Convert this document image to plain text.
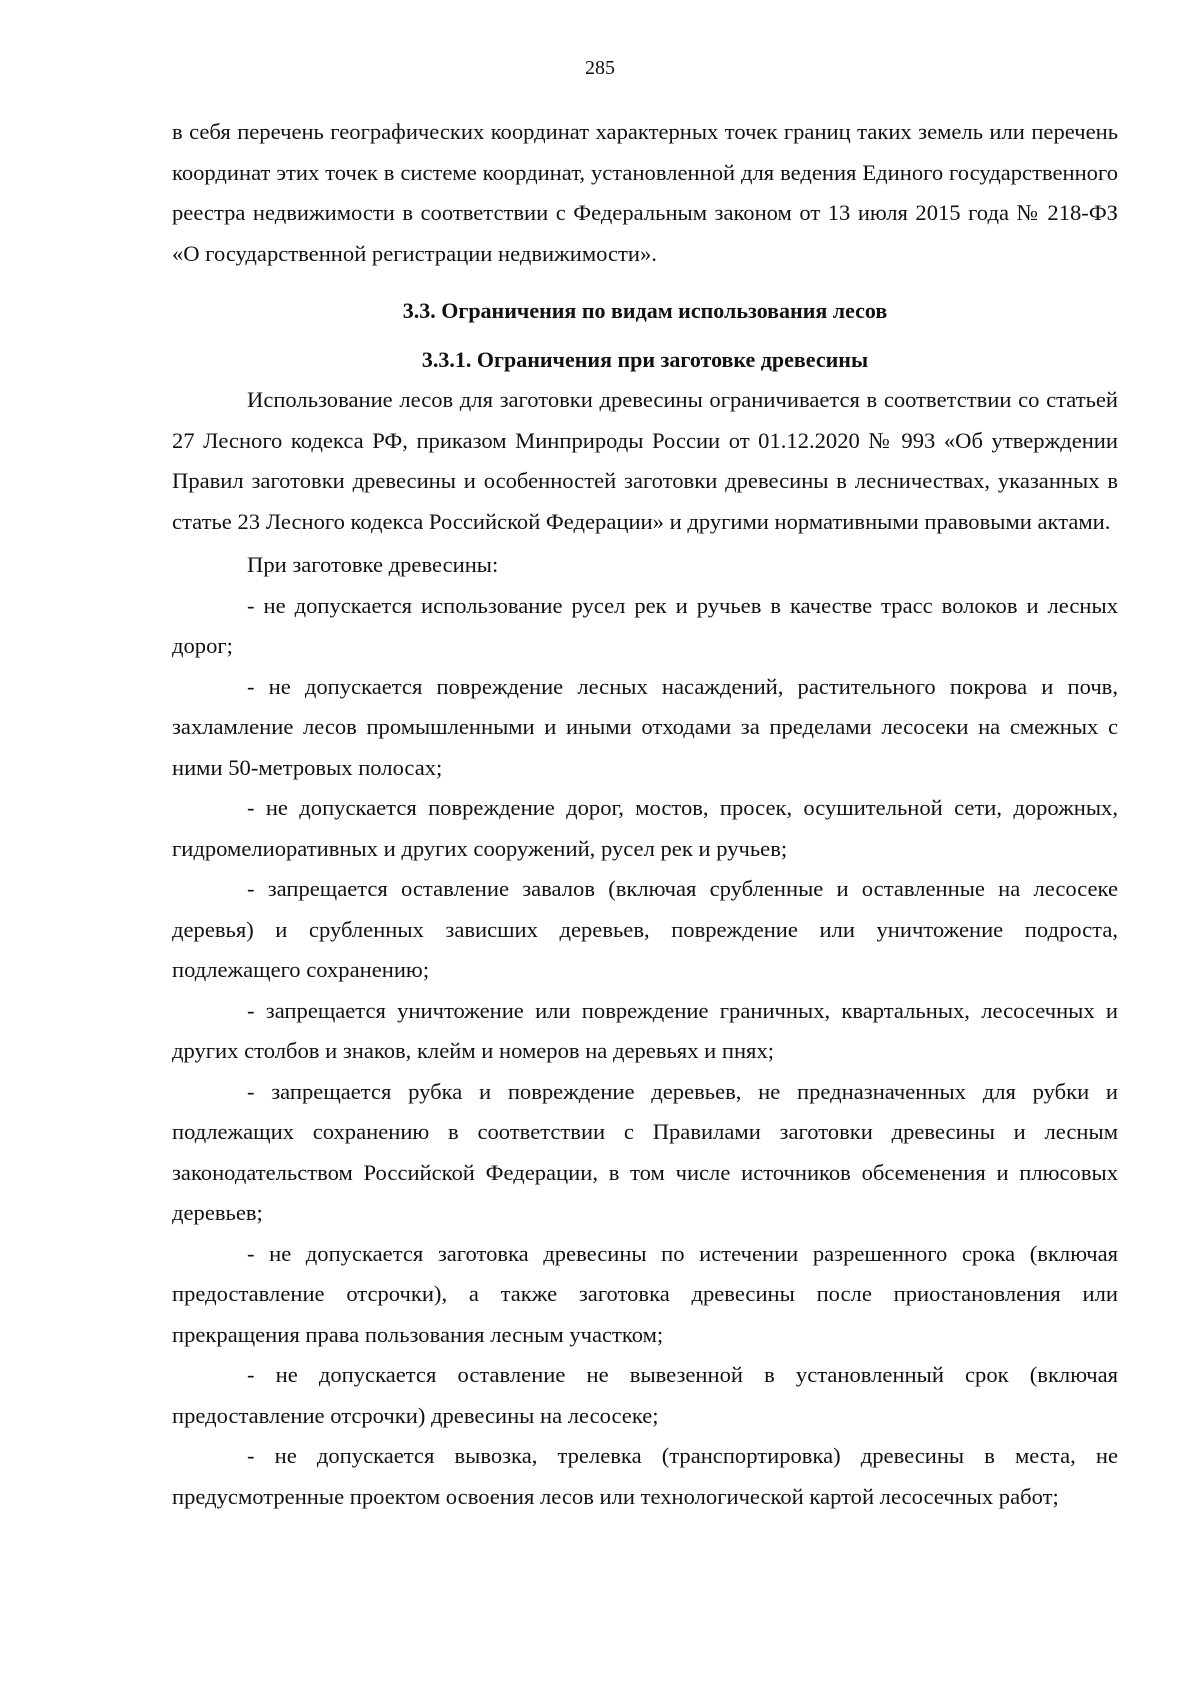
285

в себя перечень географических координат характерных точек границ таких земель или перечень координат этих точек в системе координат, установленной для ведения Единого государственного реестра недвижимости в соответствии с Федеральным законом от 13 июля 2015 года № 218-ФЗ «О государственной регистрации недвижимости».

3.3. Ограничения по видам использования лесов

3.3.1. Ограничения при заготовке древесины

Использование лесов для заготовки древесины ограничивается в соответствии со статьей 27 Лесного кодекса РФ, приказом Минприроды России от 01.12.2020 № 993 «Об утверждении Правил заготовки древесины и особенностей заготовки древесины в лесничествах, указанных в статье 23 Лесного кодекса Российской Федерации» и другими нормативными правовыми актами.

При заготовке древесины:

- не допускается использование русел рек и ручьев в качестве трасс волоков и лесных дорог;

- не допускается повреждение лесных насаждений, растительного покрова и почв, захламление лесов промышленными и иными отходами за пределами лесосеки на смежных с ними 50-метровых полосах;

- не допускается повреждение дорог, мостов, просек, осушительной сети, дорожных, гидромелиоративных и других сооружений, русел рек и ручьев;

- запрещается оставление завалов (включая срубленные и оставленные на лесосеке деревья) и срубленных зависших деревьев, повреждение или уничтожение подроста, подлежащего сохранению;

- запрещается уничтожение или повреждение граничных, квартальных, лесосечных и других столбов и знаков, клейм и номеров на деревьях и пнях;

- запрещается рубка и повреждение деревьев, не предназначенных для рубки и подлежащих сохранению в соответствии с Правилами заготовки древесины и лесным законодательством Российской Федерации, в том числе источников обсеменения и плюсовых деревьев;

- не допускается заготовка древесины по истечении разрешенного срока (включая предоставление отсрочки), а также заготовка древесины после приостановления или прекращения права пользования лесным участком;

- не допускается оставление не вывезенной в установленный срок (включая предоставление отсрочки) древесины на лесосеке;

- не допускается вывозка, трелевка (транспортировка) древесины в места, не предусмотренные проектом освоения лесов или технологической картой лесосечных работ;
